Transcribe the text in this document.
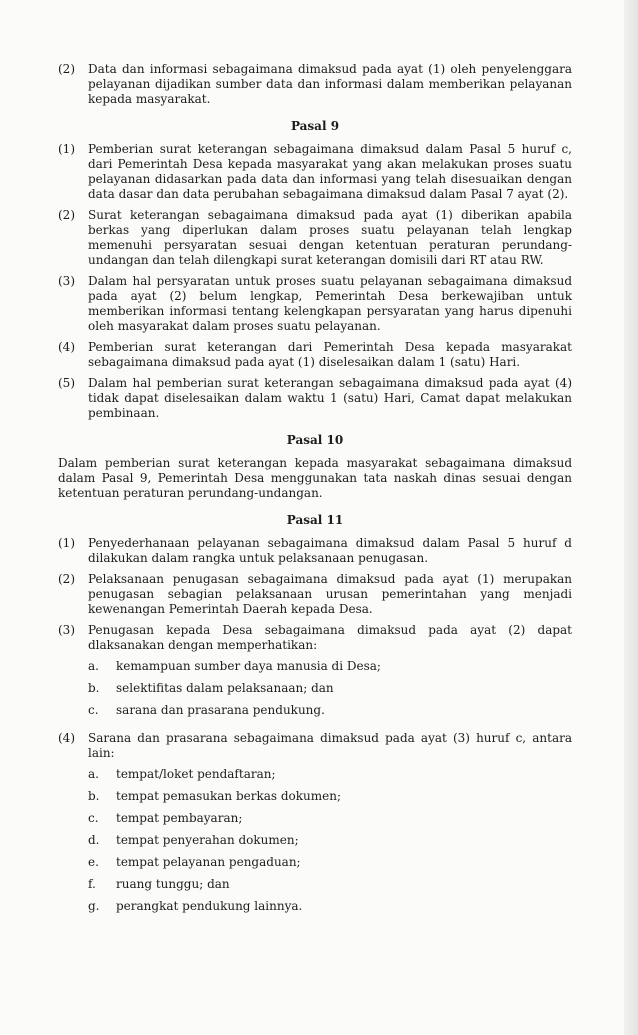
(2)	Data dan informasi sebagaimana dimaksud pada ayat (1) oleh penyelenggara pelayanan dijadikan sumber data dan informasi dalam memberikan pelayanan kepada masyarakat.
Pasal 9
(1)	Pemberian surat keterangan sebagaimana dimaksud dalam Pasal 5 huruf c, dari Pemerintah Desa kepada masyarakat yang akan melakukan proses suatu pelayanan didasarkan pada data dan informasi yang telah disesuaikan dengan data dasar dan data perubahan sebagaimana dimaksud dalam Pasal 7 ayat (2).
(2)	Surat keterangan sebagaimana dimaksud pada ayat (1) diberikan apabila berkas yang diperlukan dalam proses suatu pelayanan telah lengkap memenuhi persyaratan sesuai dengan ketentuan peraturan perundang-undangan dan telah dilengkapi surat keterangan domisili dari RT atau RW.
(3)	Dalam hal persyaratan untuk proses suatu pelayanan sebagaimana dimaksud pada ayat (2) belum lengkap, Pemerintah Desa berkewajiban untuk memberikan informasi tentang kelengkapan persyaratan yang harus dipenuhi oleh masyarakat dalam proses suatu pelayanan.
(4)	Pemberian surat keterangan dari Pemerintah Desa kepada masyarakat sebagaimana dimaksud pada ayat (1) diselesaikan dalam 1 (satu) Hari.
(5)	Dalam hal pemberian surat keterangan sebagaimana dimaksud pada ayat (4) tidak dapat diselesaikan dalam waktu 1 (satu) Hari, Camat dapat melakukan pembinaan.
Pasal 10
Dalam pemberian surat keterangan kepada masyarakat sebagaimana dimaksud dalam Pasal 9, Pemerintah Desa menggunakan tata naskah dinas sesuai dengan ketentuan peraturan perundang-undangan.
Pasal 11
(1)	Penyederhanaan pelayanan sebagaimana dimaksud dalam Pasal 5 huruf d dilakukan dalam rangka untuk pelaksanaan penugasan.
(2)	Pelaksanaan penugasan sebagaimana dimaksud pada ayat (1) merupakan penugasan sebagian pelaksanaan urusan pemerintahan yang menjadi kewenangan Pemerintah Daerah kepada Desa.
(3)	Penugasan kepada Desa sebagaimana dimaksud pada ayat (2) dapat dlaksanakan dengan memperhatikan:
a.	kemampuan sumber daya manusia di Desa;
b.	selektifitas dalam pelaksanaan; dan
c.	sarana dan prasarana pendukung.
(4)	Sarana dan prasarana sebagaimana dimaksud pada ayat (3) huruf c, antara lain:
a.	tempat/loket pendaftaran;
b.	tempat pemasukan berkas dokumen;
c.	tempat pembayaran;
d.	tempat penyerahan dokumen;
e.	tempat pelayanan pengaduan;
f.	ruang tunggu; dan
g.	perangkat pendukung lainnya.
